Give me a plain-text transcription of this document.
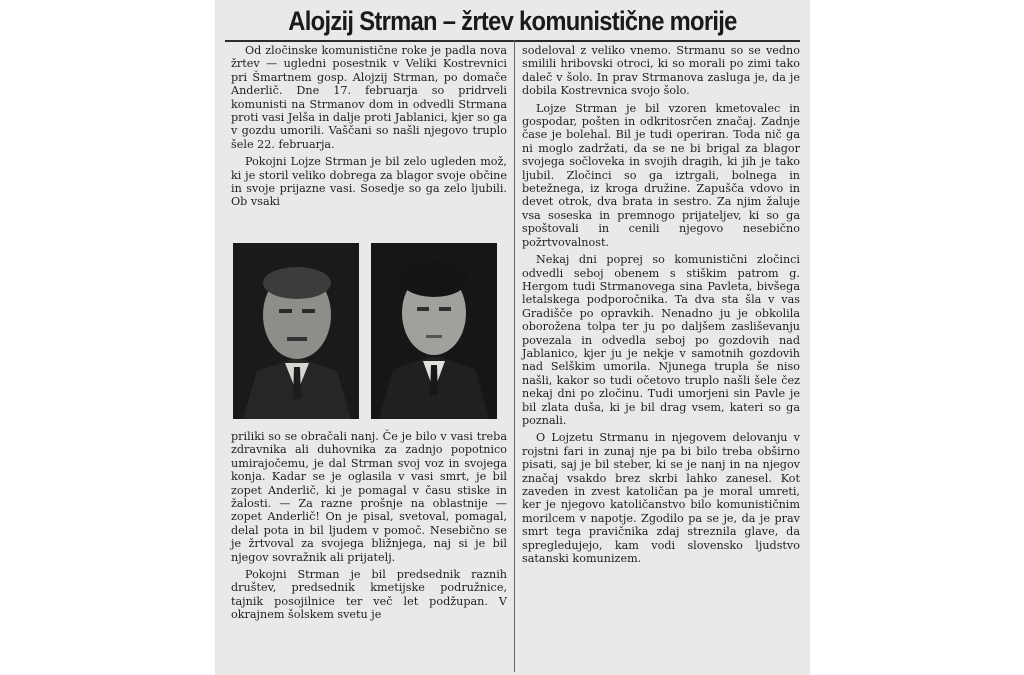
Alojzij Strman – žrtev komunistične morije

Od zločinske komunistične roke je padla nova žrtev — ugledni posestnik v Veliki Kostrevnici pri Šmartnem gosp. Alojzij Strman, po domače Anderlič. Dne 17. februarja so pridrveli komunisti na Strmanov dom in odvedli Strmana proti vasi Jelša in dalje proti Jablanici, kjer so ga v gozdu umorili. Vaščani so našli njegovo truplo šele 22. februarja.

Pokojni Lojze Strman je bil zelo ugleden mož, ki je storil veliko dobrega za blagor svoje občine in svoje prijazne vasi. Sosedje so ga zelo ljubili. Ob vsaki

priliki so se obračali nanj. Če je bilo v vasi treba zdravnika ali duhovnika za zadnjo popotnico umirajočemu, je dal Strman svoj voz in svojega konja. Kadar se je oglasila v vasi smrt, je bil zopet Anderlič, ki je pomagal v času stiske in žalosti. — Za razne prošnje na oblastnije — zopet Anderlič! On je pisal, svetoval, pomagal, delal pota in bil ljudem v pomoč. Nesebično se je žrtvoval za svojega bližnjega, naj si je bil njegov sovražnik ali prijatelj.

Pokojni Strman je bil predsednik raznih društev, predsednik kmetijske podružnice, tajnik posojilnice ter več let podžupan. V okrajnem šolskem svetu je

sodeloval z veliko vnemo. Strmanu so se vedno smilili hribovski otroci, ki so morali po zimi tako daleč v šolo. In prav Strmanova zasluga je, da je dobila Kostrevnica svojo šolo.

Lojze Strman je bil vzoren kmetovalec in gospodar, pošten in odkritosrčen značaj. Zadnje čase je bolehal. Bil je tudi operiran. Toda nič ga ni moglo zadržati, da se ne bi brigal za blagor svojega sočloveka in svojih dragih, ki jih je tako ljubil. Zločinci so ga iztrgali, bolnega in betežnega, iz kroga družine. Zapušča vdovo in devet otrok, dva brata in sestro. Za njim žaluje vsa soseska in premnogo prijateljev, ki so ga spoštovali in cenili njegovo nesebično požrtvovalnost.

Nekaj dni poprej so komunistični zločinci odvedli seboj obenem s stiškim patrom g. Hergom tudi Strmanovega sina Pavleta, bivšega letalskega podporočnika. Ta dva sta šla v vas Gradišče po opravkih. Nenadno ju je obkolila oborožena tolpa ter ju po daljšem zasliševanju povezala in odvedla seboj po gozdovih nad Jablanico, kjer ju je nekje v samotnih gozdovih nad Selškim umorila. Njunega trupla še niso našli, kakor so tudi očetovo truplo našli šele čez nekaj dni po zločinu. Tudi umorjeni sin Pavle je bil zlata duša, ki je bil drag vsem, kateri so ga poznali.

O Lojzetu Strmanu in njegovem delovanju v rojstni fari in zunaj nje pa bi bilo treba obširno pisati, saj je bil steber, ki se je nanj in na njegov značaj vsakdo brez skrbi lahko zanesel. Kot zaveden in zvest katoličan pa je moral umreti, ker je njegovo katoličanstvo bilo komunističnim morilcem v napotje. Zgodilo pa se je, da je prav smrt tega pravičnika zdaj streznila glave, da spregledujejo, kam vodi slovensko ljudstvo satanski komunizem.
